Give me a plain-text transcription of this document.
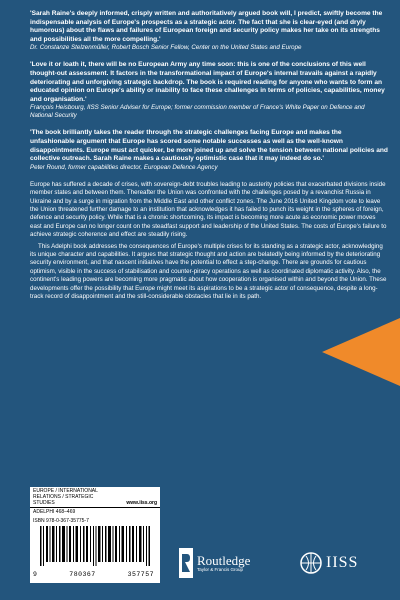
'Sarah Raine's deeply informed, crisply written and authoritatively argued book will, I predict, swiftly become the indispensable analysis of Europe's prospects as a strategic actor. The fact that she is clear-eyed (and dryly humorous) about the flaws and failures of European foreign and security policy makes her take on its strengths and possibilities all the more compelling.'

Dr. Constanze Stelzenmüller, Robert Bosch Senior Fellow, Center on the United States and Europe

'Love it or loath it, there will be no European Army any time soon: this is one of the conclusions of this well thought-out assessment. It factors in the transformational impact of Europe's internal travails against a rapidly deteriorating and unforgiving strategic backdrop. The book is required reading for anyone who wants to form an educated opinion on Europe's ability or inability to face these challenges in terms of policies, capabilities, money and organisation.'

François Heisbourg, IISS Senior Adviser for Europe; former commission member of France's White Paper on Defence and National Security

'The book brilliantly takes the reader through the strategic challenges facing Europe and makes the unfashionable argument that Europe has scored some notable successes as well as the well-known disappointments. Europe must act quicker, be more joined up and solve the tension between national policies and collective outreach. Sarah Raine makes a cautiously optimistic case that it may indeed do so.'

Peter Round, former capabilities director, European Defence Agency

Europe has suffered a decade of crises, with sovereign-debt troubles leading to austerity policies that exacerbated divisions inside member states and between them. Thereafter the Union was confronted with the challenges posed by a revanchist Russia in Ukraine and by a surge in migration from the Middle East and other conflict zones. The June 2016 United Kingdom vote to leave the Union threatened further damage to an institution that acknowledges it has failed to punch its weight in the spheres of foreign, defence and security policy. While that is a chronic shortcoming, its impact is becoming more acute as economic power moves east and Europe can no longer count on the steadfast support and leadership of the United States. The costs of Europe's failure to achieve strategic coherence and effect are steadily rising.

This Adelphi book addresses the consequences of Europe's multiple crises for its standing as a strategic actor, acknowledging its unique character and capabilities. It argues that strategic thought and action are belatedly being informed by the deteriorating security environment, and that nascent initiatives have the potential to effect a step-change. There are grounds for cautious optimism, visible in the success of stabilisation and counter-piracy operations as well as coordinated diplomatic activity. Also, the continent's leading powers are becoming more pragmatic about how cooperation is organised within and beyond the Union. These developments offer the possibility that Europe might meet its aspirations to be a strategic actor of consequence, despite a long-track record of disappointment and the still-considerable obstacles that lie in its path.

EUROPE / INTERNATIONAL RELATIONS / STRATEGIC STUDIES	www.iiss.org
ADELPHI 468–469
ISBN 978-0-367-35775-7
9	780367	357757
Routledge
Taylor & Francis Group	IISS
